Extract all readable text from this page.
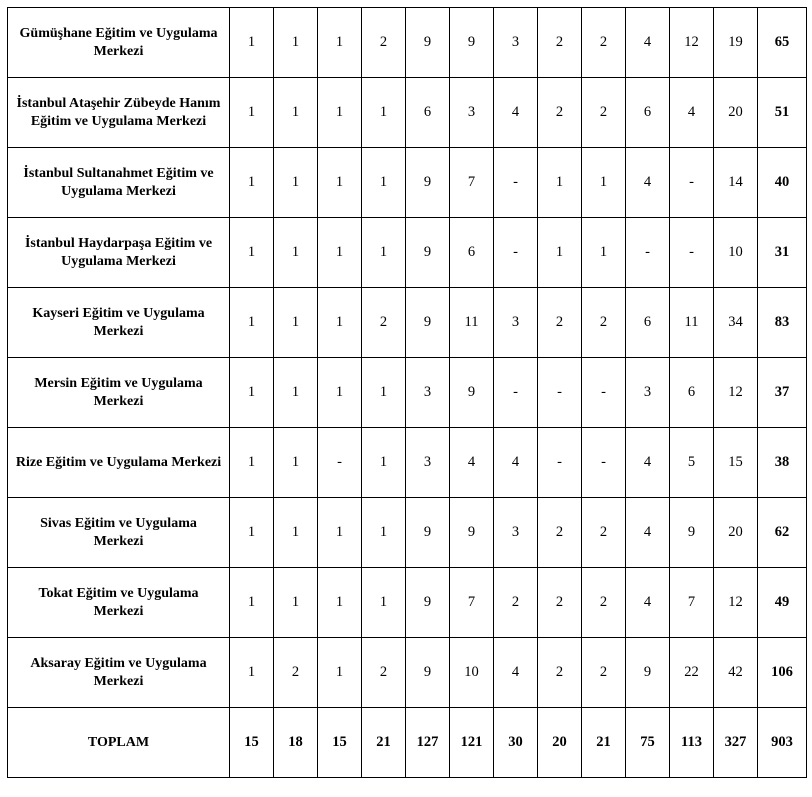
Gümüşhane Eğitim ve Uygulama Merkezi	1	1	1	2	9	9	3	2	2	4	12	19	65
İstanbul Ataşehir Zübeyde Hanım Eğitim ve Uygulama Merkezi	1	1	1	1	6	3	4	2	2	6	4	20	51
İstanbul Sultanahmet Eğitim ve Uygulama Merkezi	1	1	1	1	9	7	-	1	1	4	-	14	40
İstanbul Haydarpaşa Eğitim ve Uygulama Merkezi	1	1	1	1	9	6	-	1	1	-	-	10	31
Kayseri Eğitim ve Uygulama Merkezi	1	1	1	2	9	11	3	2	2	6	11	34	83
Mersin Eğitim ve Uygulama Merkezi	1	1	1	1	3	9	-	-	-	3	6	12	37
Rize Eğitim ve Uygulama Merkezi	1	1	-	1	3	4	4	-	-	4	5	15	38
Sivas Eğitim ve Uygulama Merkezi	1	1	1	1	9	9	3	2	2	4	9	20	62
Tokat Eğitim ve Uygulama Merkezi	1	1	1	1	9	7	2	2	2	4	7	12	49
Aksaray Eğitim ve Uygulama Merkezi	1	2	1	2	9	10	4	2	2	9	22	42	106
TOPLAM	15	18	15	21	127	121	30	20	21	75	113	327	903
